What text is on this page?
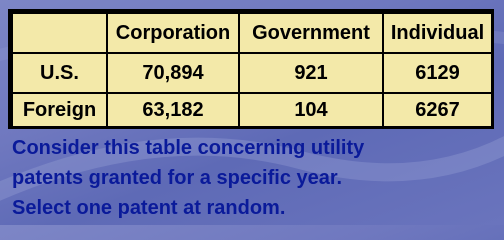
	Corporation	Government	Individual
U.S.	70,894	921	6129
Foreign	63,182	104	6267
Consider this table concerning utility
patents granted for a specific year.
Select one patent at random.
